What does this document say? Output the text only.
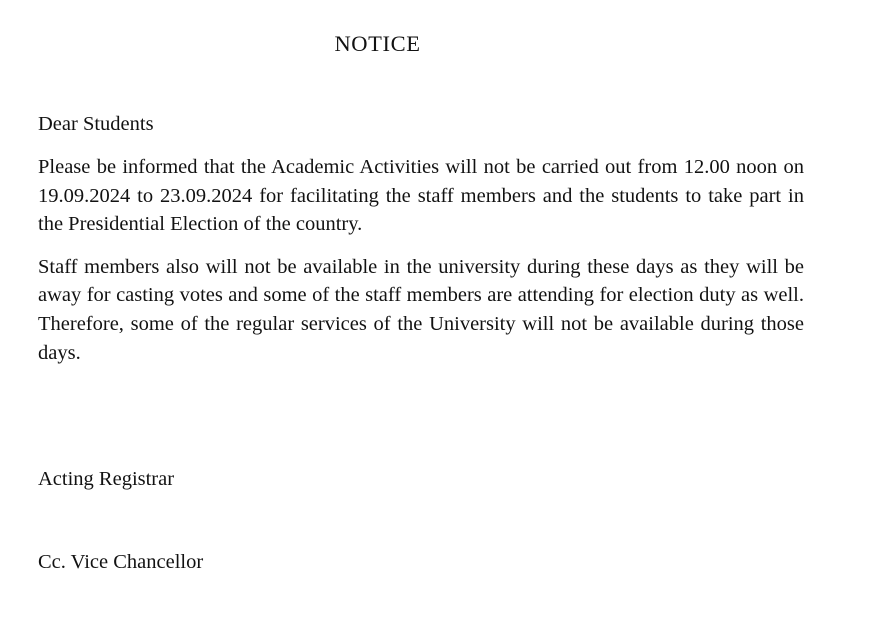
NOTICE

Dear Students

Please be informed that the Academic Activities will not be carried out from 12.00 noon on 19.09.2024 to 23.09.2024 for facilitating the staff members and the students to take part in the Presidential Election of the country.

Staff members also will not be available in the university during these days as they will be away for casting votes and some of the staff members are attending for election duty as well. Therefore, some of the regular services of the University will not be available during those days.

Acting Registrar

Cc. Vice Chancellor
